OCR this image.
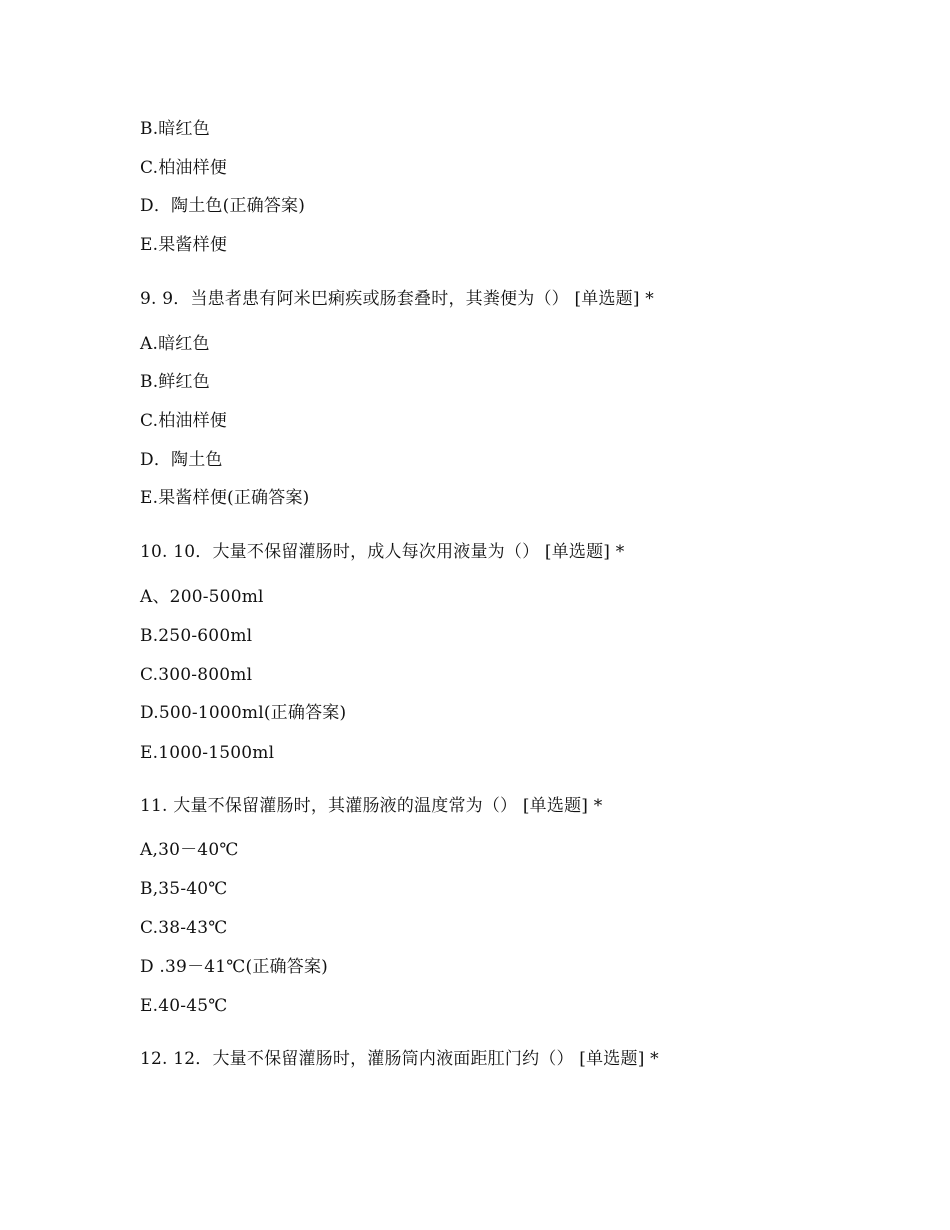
B.暗红色
C.柏油样便
D．陶土色(正确答案)
E.果酱样便
9. 9．当患者患有阿米巴痢疾或肠套叠时，其粪便为（） [单选题] *
A.暗红色
B.鲜红色
C.柏油样便
D．陶土色
E.果酱样便(正确答案)
10. 10．大量不保留灌肠时，成人每次用液量为（） [单选题] *
A、200-500ml
B.250-600ml
C.300-800ml
D.500-1000ml(正确答案)
E.1000-1500ml
11. 大量不保留灌肠时，其灌肠液的温度常为（） [单选题] *
A,30－40℃
B,35-40℃
C.38-43℃
D .39－41℃(正确答案)
E.40-45℃
12. 12．大量不保留灌肠时，灌肠筒内液面距肛门约（） [单选题] *
